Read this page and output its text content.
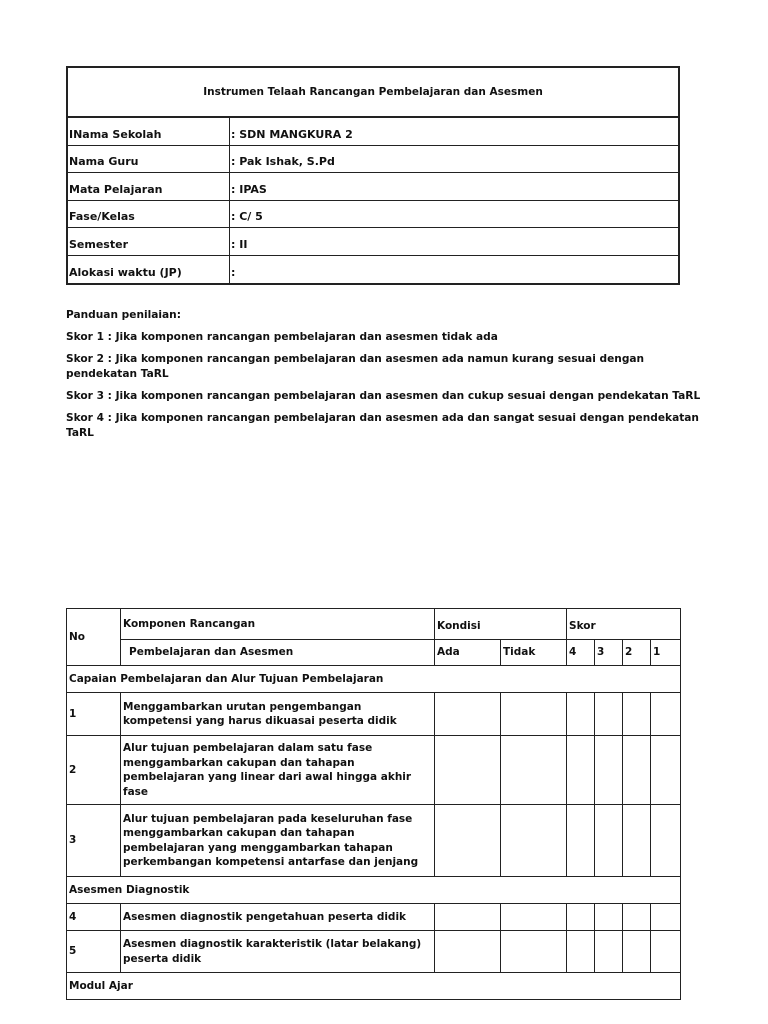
Instrumen Telaah Rancangan Pembelajaran dan Asesmen
INama Sekolah	: SDN MANGKURA 2
Nama Guru	: Pak Ishak, S.Pd
Mata Pelajaran	: IPAS
Fase/Kelas	: C/ 5
Semester	: II
Alokasi waktu (JP)	:

Panduan penilaian:

Skor 1 : Jika komponen rancangan pembelajaran dan asesmen tidak ada

Skor 2 : Jika komponen rancangan pembelajaran dan asesmen ada namun kurang sesuai dengan pendekatan TaRL

Skor 3 : Jika komponen rancangan pembelajaran dan asesmen dan cukup sesuai dengan pendekatan TaRL

Skor 4 : Jika komponen rancangan pembelajaran dan asesmen ada dan sangat sesuai dengan pendekatan TaRL

No	Komponen Rancangan	Kondisi		Skor			
	Pembelajaran dan Asesmen	Ada	Tidak	4	3	2	1
Capaian Pembelajaran dan Alur Tujuan Pembelajaran							
1	Menggambarkan urutan pengembangan kompetensi yang harus dikuasai peserta didik						
2	Alur tujuan pembelajaran dalam satu fase menggambarkan cakupan dan tahapan pembelajaran yang linear dari awal hingga akhir fase						
3	Alur tujuan pembelajaran pada keseluruhan fase menggambarkan cakupan dan tahapan pembelajaran yang menggambarkan tahapan perkembangan kompetensi antarfase dan jenjang						
Asesmen Diagnostik							
4	Asesmen diagnostik pengetahuan peserta didik						
5	Asesmen diagnostik karakteristik (latar belakang) peserta didik						
Modul Ajar							
